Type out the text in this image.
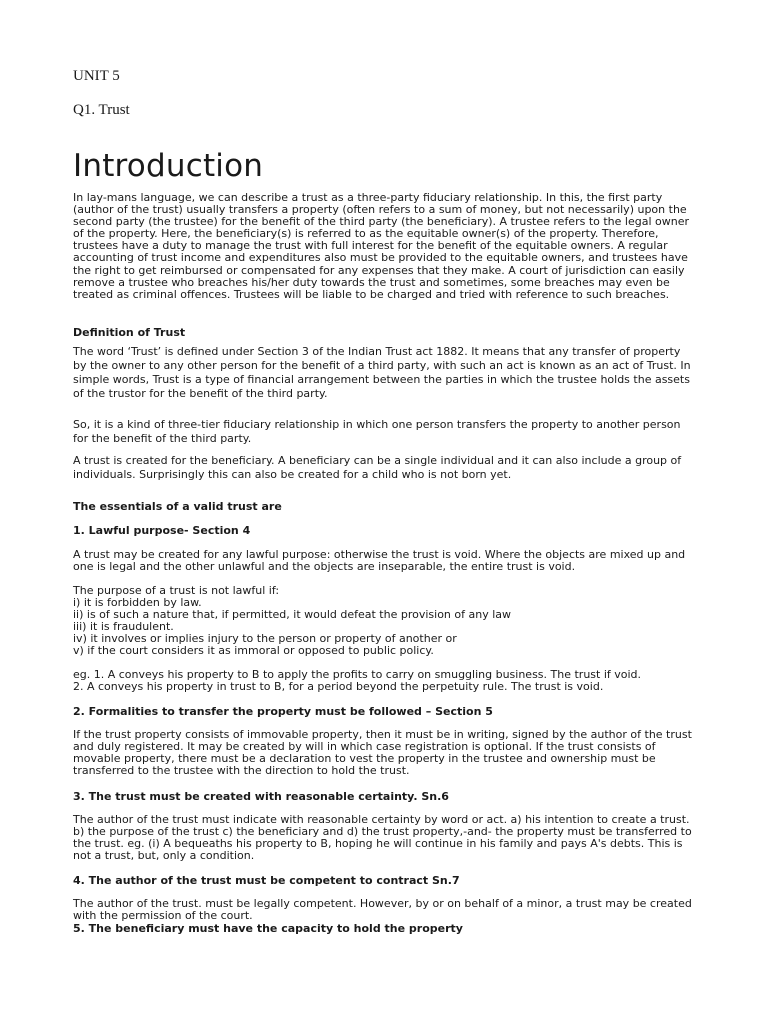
UNIT 5

Q1. Trust

Introduction

In lay-mans language, we can describe a trust as a three-party fiduciary relationship. In this, the first party (author of the trust) usually transfers a property (often refers to a sum of money, but not necessarily) upon the second party (the trustee) for the benefit of the third party (the beneficiary). A trustee refers to the legal owner of the property. Here, the beneficiary(s) is referred to as the equitable owner(s) of the property. Therefore, trustees have a duty to manage the trust with full interest for the benefit of the equitable owners. A regular accounting of trust income and expenditures also must be provided to the equitable owners, and trustees have the right to get reimbursed or compensated for any expenses that they make. A court of jurisdiction can easily remove a trustee who breaches his/her duty towards the trust and sometimes, some breaches may even be treated as criminal offences. Trustees will be liable to be charged and tried with reference to such breaches.

Definition of Trust

The word ‘Trust’ is defined under Section 3 of the Indian Trust act 1882. It means that any transfer of property by the owner to any other person for the benefit of a third party, with such an act is known as an act of Trust. In simple words, Trust is a type of financial arrangement between the parties in which the trustee holds the assets of the trustor for the benefit of the third party.

So, it is a kind of three-tier fiduciary relationship in which one person transfers the property to another person for the benefit of the third party.

A trust is created for the beneficiary. A beneficiary can be a single individual and it can also include a group of individuals. Surprisingly this can also be created for a child who is not born yet.

The essentials of a valid trust are

1. Lawful purpose- Section 4

A trust may be created for any lawful purpose: otherwise the trust is void. Where the objects are mixed up and one is legal and the other unlawful and the objects are inseparable, the entire trust is void.

The purpose of a trust is not lawful if:
i) it is forbidden by law.
ii) is of such a nature that, if permitted, it would defeat the provision of any law
iii) it is fraudulent.
iv) it involves or implies injury to the person or property of another or
v) if the court considers it as immoral or opposed to public policy.
eg. 1. A conveys his property to B to apply the profits to carry on smuggling business. The trust if void.
2. A conveys his property in trust to B, for a period beyond the perpetuity rule. The trust is void.

2. Formalities to transfer the property must be followed – Section 5

If the trust property consists of immovable property, then it must be in writing, signed by the author of the trust and duly registered. It may be created by will in which case registration is optional. If the trust consists of movable property, there must be a declaration to vest the property in the trustee and ownership must be transferred to the trustee with the direction to hold the trust.

3. The trust must be created with reasonable certainty. Sn.6

The author of the trust must indicate with reasonable certainty by word or act. a) his intention to create a trust. b) the purpose of the trust c) the beneficiary and d) the trust property,-and- the property must be transferred to the trust. eg. (i) A bequeaths his property to B, hoping he will continue in his family and pays A's debts. This is not a trust, but, only a condition.

4. The author of the trust must be competent to contract Sn.7

The author of the trust. must be legally competent. However, by or on behalf of a minor, a trust may be created with the permission of the court.

5. The beneficiary must have the capacity to hold the property
